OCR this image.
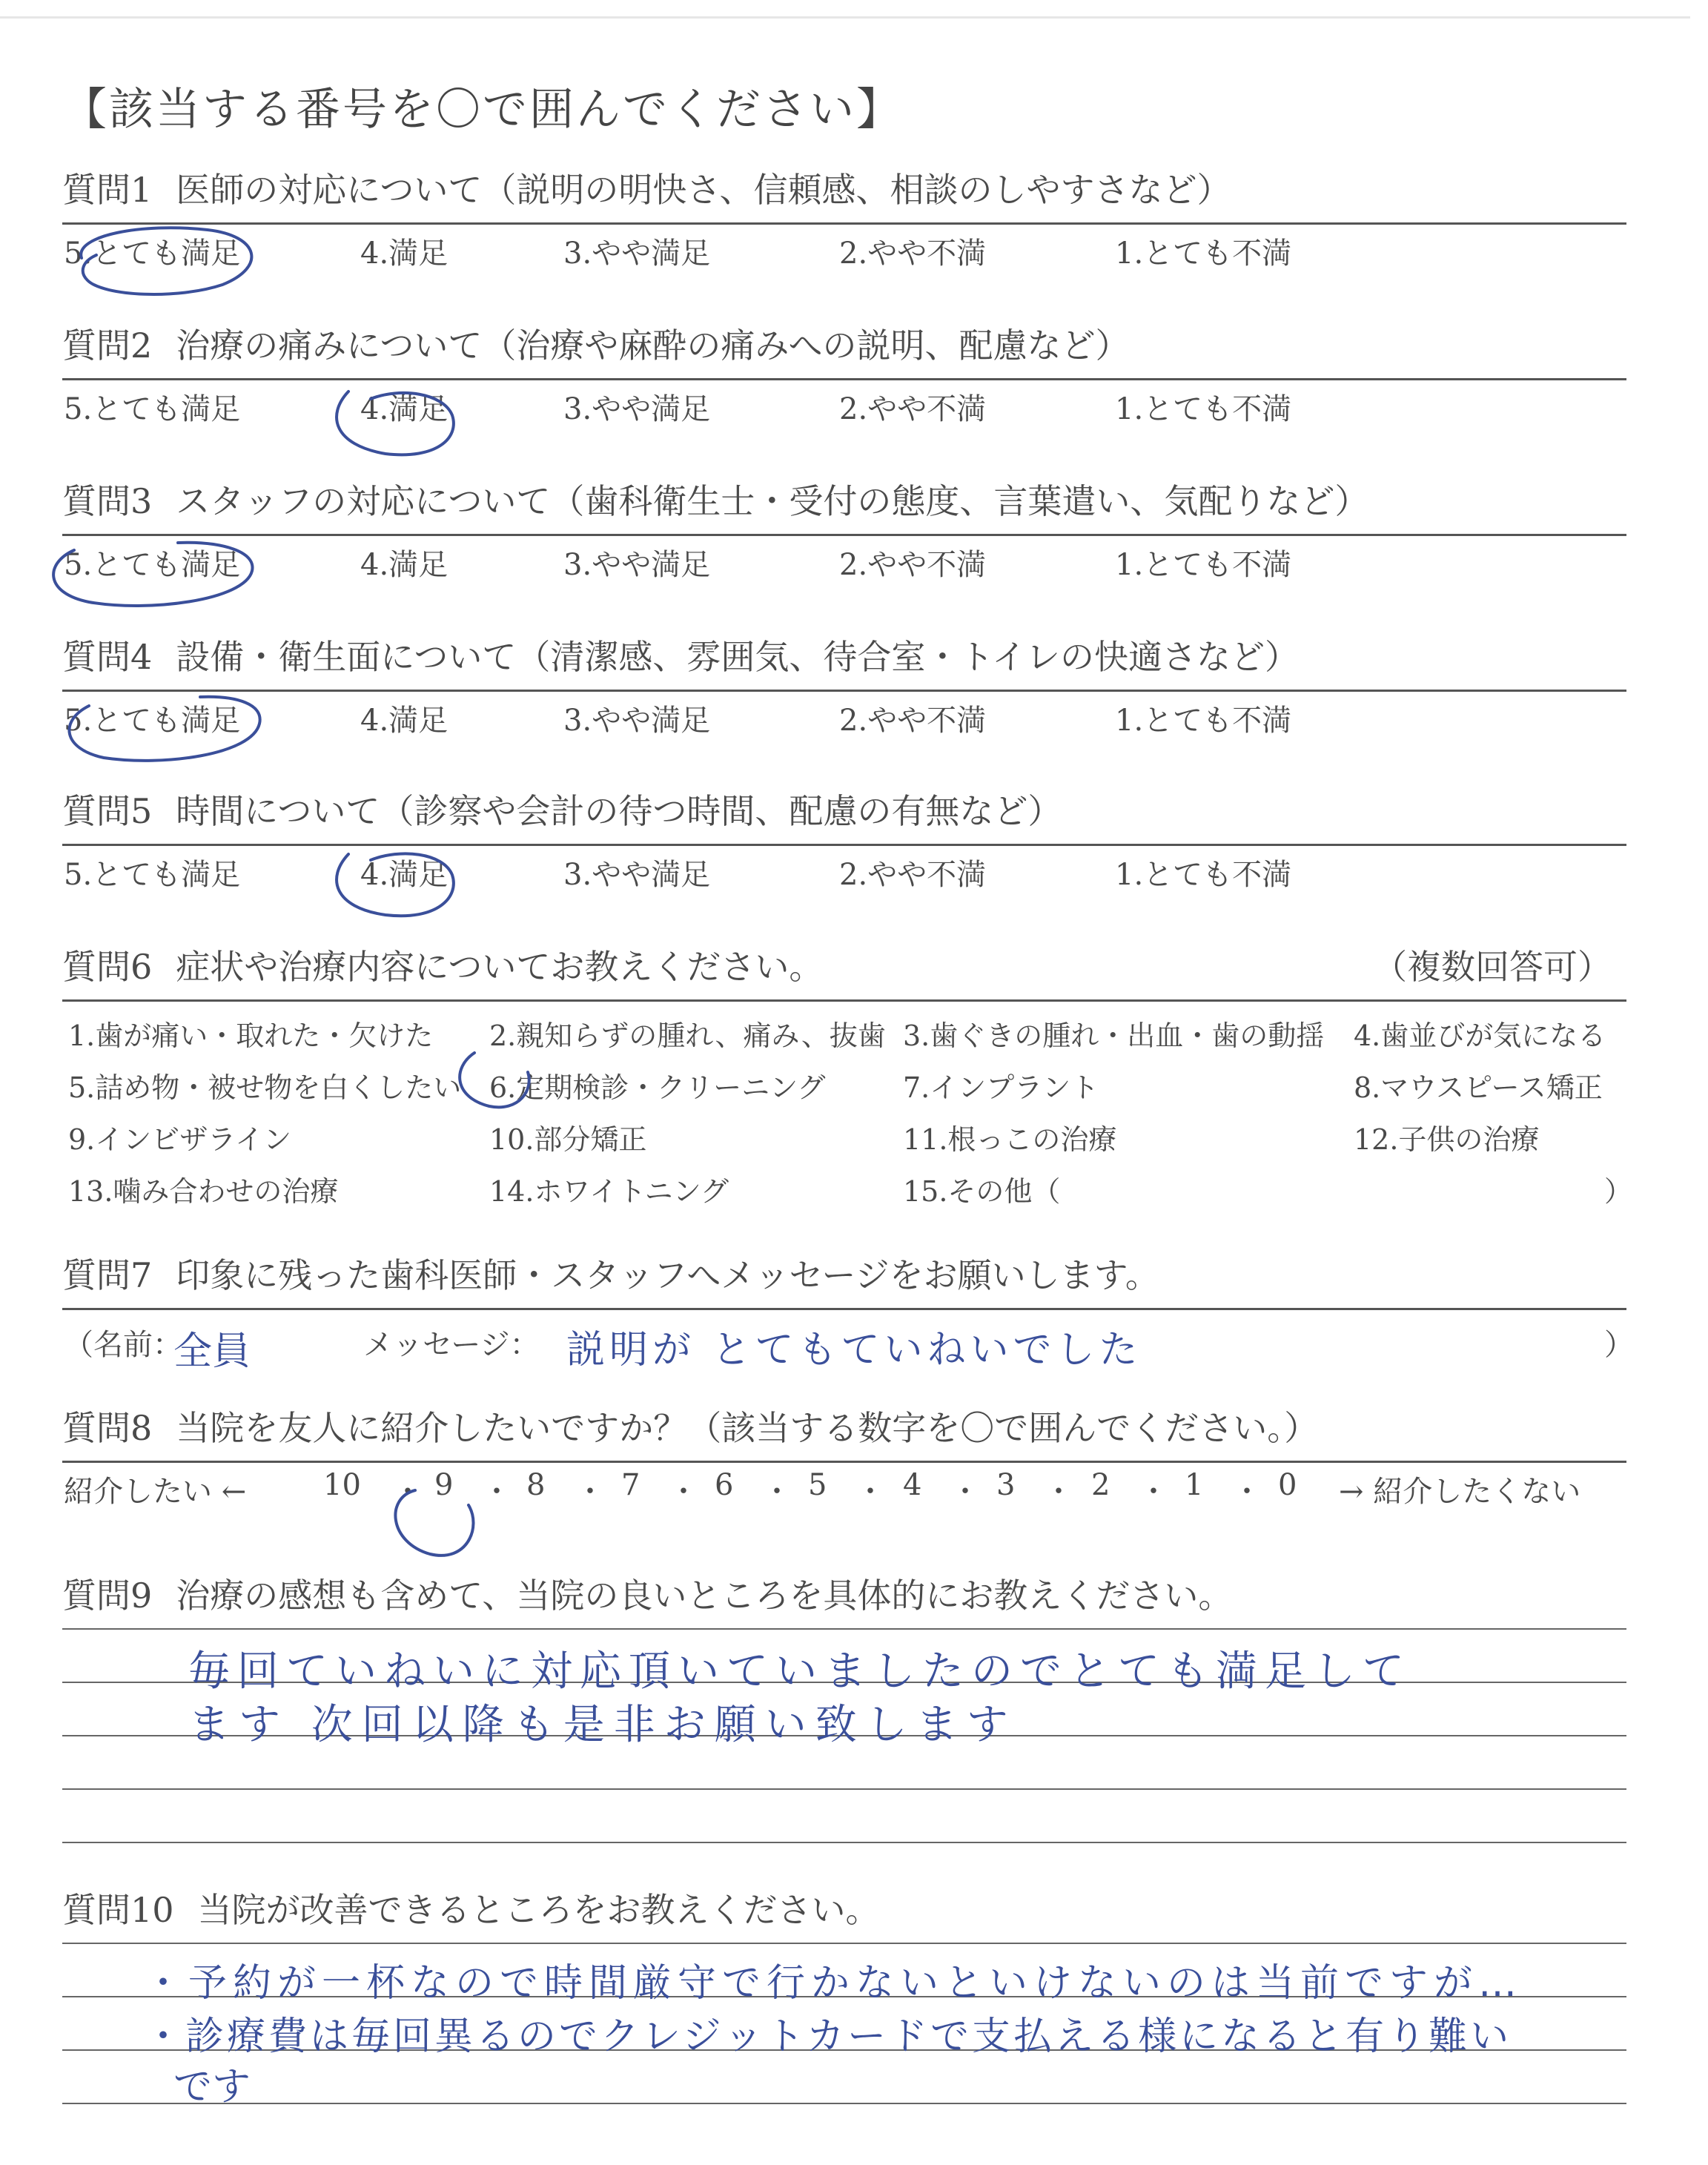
【該当する番号を〇で囲んでください】
質問1 医師の対応について（説明の明快さ、信頼感、相談のしやすさなど）
5.とても満足	4.満足	3.やや満足	2.やや不満	1.とても不満
質問2 治療の痛みについて（治療や麻酔の痛みへの説明、配慮など）
5.とても満足	4.満足	3.やや満足	2.やや不満	1.とても不満
質問3 スタッフの対応について（歯科衛生士・受付の態度、言葉遣い、気配りなど）
5.とても満足	4.満足	3.やや満足	2.やや不満	1.とても不満
質問4 設備・衛生面について（清潔感、雰囲気、待合室・トイレの快適さなど）
5.とても満足	4.満足	3.やや満足	2.やや不満	1.とても不満
質問5 時間について（診察や会計の待つ時間、配慮の有無など）
5.とても満足	4.満足	3.やや満足	2.やや不満	1.とても不満
質問6 症状や治療内容についてお教えください。	（複数回答可）
1.歯が痛い・取れた・欠けた 2.親知らずの腫れ、痛み、抜歯 3.歯ぐきの腫れ・出血・歯の動揺 4.歯並びが気になる
5.詰め物・被せ物を白くしたい 6.定期検診・クリーニング	7.インプラント	8.マウスピース矯正
9.インビザライン	10.部分矯正	11.根っこの治療	12.子供の治療
13.噛み合わせの治療	14.ホワイトニング	15.その他（	）
質問7 印象に残った歯科医師・スタッフへメッセージをお願いします。
（名前：
全員	メッセージ： 説明が とてもていねいでした	）
質問8 当院を友人に紹介したいですか？（該当する数字を〇で囲んでください。）
紹介したい ←	10 ・ 9 ・ 8 ・ 7 ・ 6 ・ 5 ・ 4 ・ 3 ・ 2 ・ 1 ・ 0 → 紹介したくない
質問9 治療の感想も含めて、当院の良いところを具体的にお教えください。
毎回ていねいに対応頂いていましたのでとても満足して
ます 次回以降も是非お願い致します
質問10 当院が改善できるところをお教えください。
・予約が一杯なので時間厳守で行かないといけないのは当前ですが…
・診療費は毎回異るのでクレジットカードで支払える様になると有り難い
です
